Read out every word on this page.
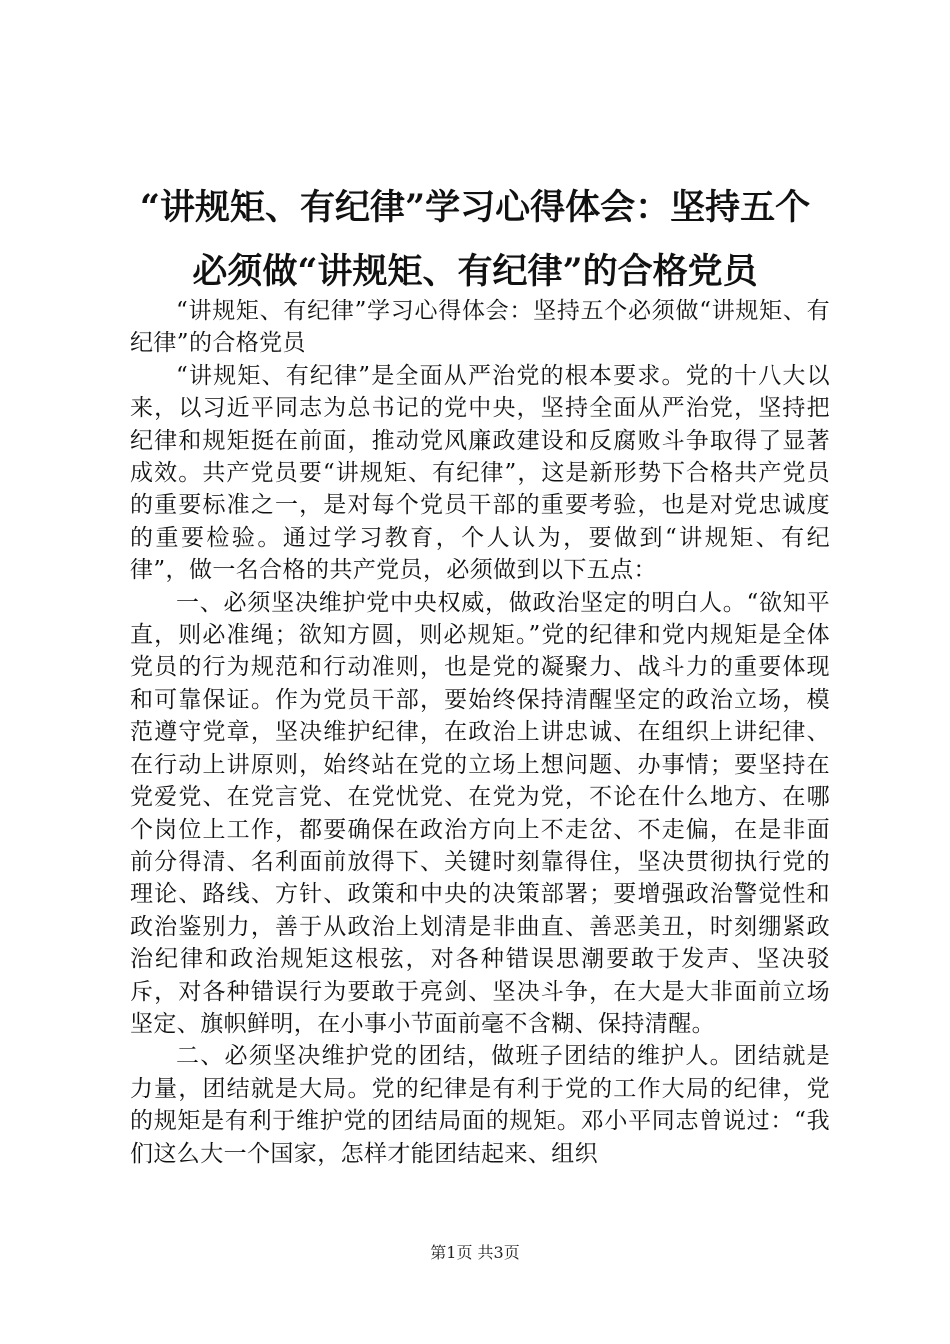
“讲规矩、有纪律”学习心得体会：坚持五个
必须做“讲规矩、有纪律”的合格党员

“讲规矩、有纪律”学习心得体会：坚持五个必须做“讲规矩、有纪律”的合格党员

“讲规矩、有纪律”是全面从严治党的根本要求。党的十八大以来，以习近平同志为总书记的党中央，坚持全面从严治党，坚持把纪律和规矩挺在前面，推动党风廉政建设和反腐败斗争取得了显著成效。共产党员要“讲规矩、有纪律”，这是新形势下合格共产党员的重要标准之一，是对每个党员干部的重要考验，也是对党忠诚度的重要检验。通过学习教育，个人认为，要做到“讲规矩、有纪律”，做一名合格的共产党员，必须做到以下五点：

一、必须坚决维护党中央权威，做政治坚定的明白人。“欲知平直，则必准绳；欲知方圆，则必规矩。”党的纪律和党内规矩是全体党员的行为规范和行动准则，也是党的凝聚力、战斗力的重要体现和可靠保证。作为党员干部，要始终保持清醒坚定的政治立场，模范遵守党章，坚决维护纪律，在政治上讲忠诚、在组织上讲纪律、在行动上讲原则，始终站在党的立场上想问题、办事情；要坚持在党爱党、在党言党、在党忧党、在党为党，不论在什么地方、在哪个岗位上工作，都要确保在政治方向上不走岔、不走偏，在是非面前分得清、名利面前放得下、关键时刻靠得住，坚决贯彻执行党的理论、路线、方针、政策和中央的决策部署；要增强政治警觉性和政治鉴别力，善于从政治上划清是非曲直、善恶美丑，时刻绷紧政治纪律和政治规矩这根弦，对各种错误思潮要敢于发声、坚决驳斥，对各种错误行为要敢于亮剑、坚决斗争，在大是大非面前立场坚定、旗帜鲜明，在小事小节面前毫不含糊、保持清醒。

二、必须坚决维护党的团结，做班子团结的维护人。团结就是力量，团结就是大局。党的纪律是有利于党的工作大局的纪律，党的规矩是有利于维护党的团结局面的规矩。邓小平同志曾说过：“我们这么大一个国家，怎样才能团结起来、组织

第1页 共3页
